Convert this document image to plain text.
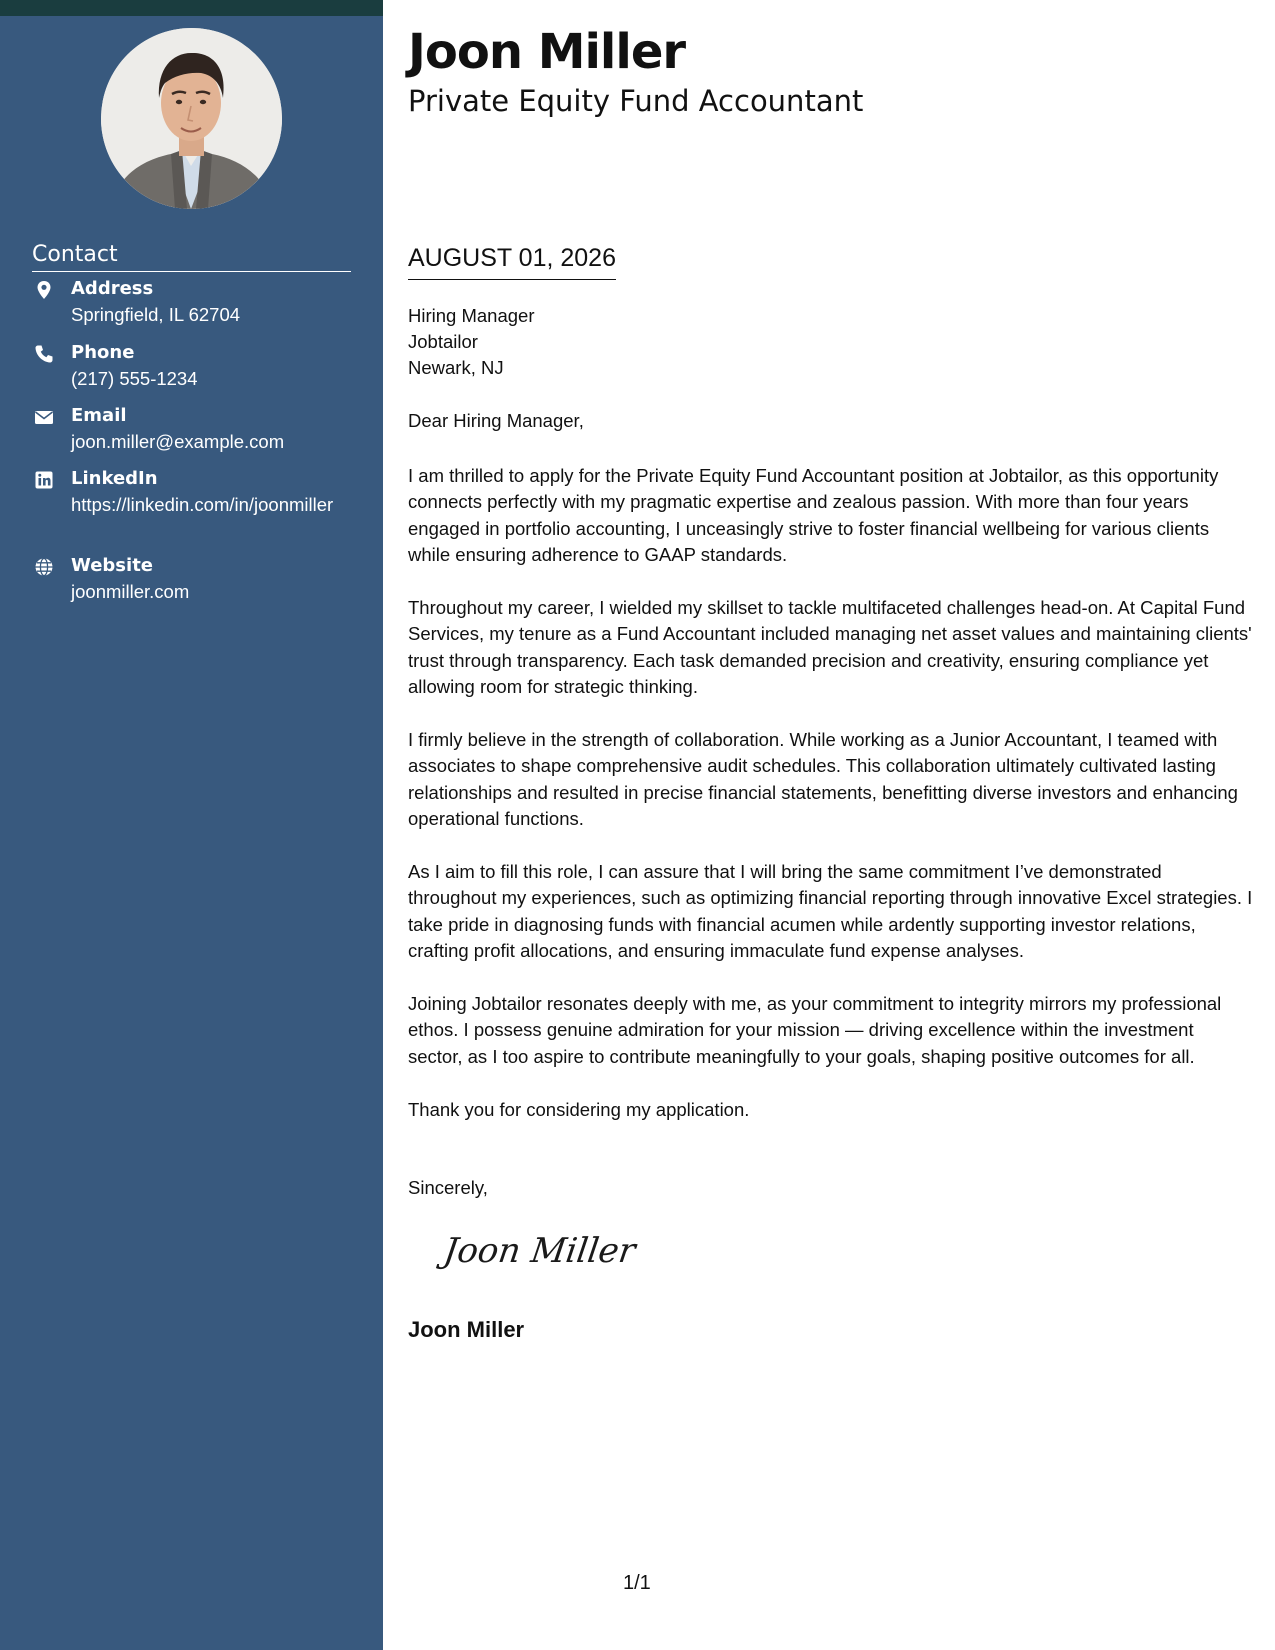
Contact
Address
Springfield, IL 62704
Phone
(217) 555-1234
Email
joon.miller@example.com
LinkedIn
https://linkedin.com/in/joonmiller
Website
joonmiller.com
Joon Miller
Private Equity Fund Accountant
AUGUST 01, 2026
Hiring Manager
Jobtailor
Newark, NJ
Dear Hiring Manager,

I am thrilled to apply for the Private Equity Fund Accountant position at Jobtailor, as this opportunity connects perfectly with my pragmatic expertise and zealous passion. With more than four years engaged in portfolio accounting, I unceasingly strive to foster financial wellbeing for various clients while ensuring adherence to GAAP standards.

Throughout my career, I wielded my skillset to tackle multifaceted challenges head-on. At Capital Fund Services, my tenure as a Fund Accountant included managing net asset values and maintaining clients' trust through transparency. Each task demanded precision and creativity, ensuring compliance yet allowing room for strategic thinking.

I firmly believe in the strength of collaboration. While working as a Junior Accountant, I teamed with associates to shape comprehensive audit schedules. This collaboration ultimately cultivated lasting relationships and resulted in precise financial statements, benefitting diverse investors and enhancing operational functions.

As I aim to fill this role, I can assure that I will bring the same commitment I’ve demonstrated throughout my experiences, such as optimizing financial reporting through innovative Excel strategies. I take pride in diagnosing funds with financial acumen while ardently supporting investor relations, crafting profit allocations, and ensuring immaculate fund expense analyses.

Joining Jobtailor resonates deeply with me, as your commitment to integrity mirrors my professional ethos. I possess genuine admiration for your mission — driving excellence within the investment sector, as I too aspire to contribute meaningfully to your goals, shaping positive outcomes for all.

Thank you for considering my application.

Sincerely,
Joon Miller
Joon Miller
1/1
